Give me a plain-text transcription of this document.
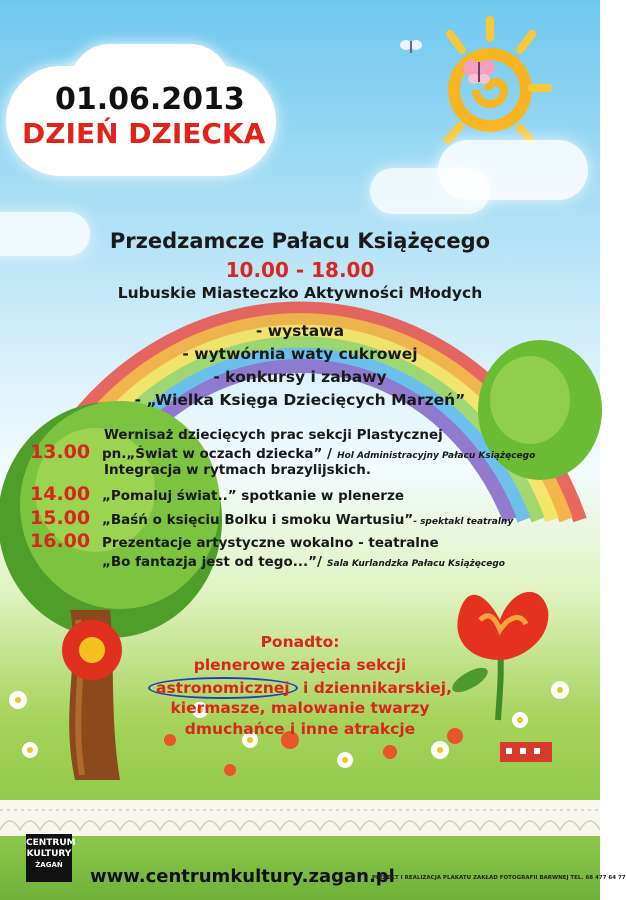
01.06.2013
DZIEŃ DZIECKA
Przedzamcze Pałacu Książęcego
10.00 - 18.00
Lubuskie Miasteczko Aktywności Młodych
- wystawa
- wytwórnia waty cukrowej
- konkursy i zabawy
- „Wielka Księga Dziecięcych Marzeń”
Wernisaż dziecięcych prac sekcji Plastycznej
13.00 pn.„Świat w oczach dziecka” / Hol Administracyjny Pałacu Książęcego
Integracja w rytmach brazylijskich.
14.00 „Pomaluj świat..” spotkanie w plenerze
15.00 „Baśń o księciu Bolku i smoku Wartusiu”- spektakl teatralny
16.00 Prezentacje artystyczne wokalno - teatralne
„Bo fantazja jest od tego...”/ Sala Kurlandzka Pałacu Książęcego
Ponadto:
plenerowe zajęcia sekcji
astronomicznej i dziennikarskiej,
kiermasze, malowanie twarzy
dmuchańce i inne atrakcje
CENTRUM
KULTURY
ŻAGAŃ
www.centrumkultury.zagan.pl
PROJEKT I REALIZACJA PLAKATU ZAKŁAD FOTOGRAFII BARWNEJ TEL. 68 477 64 77
